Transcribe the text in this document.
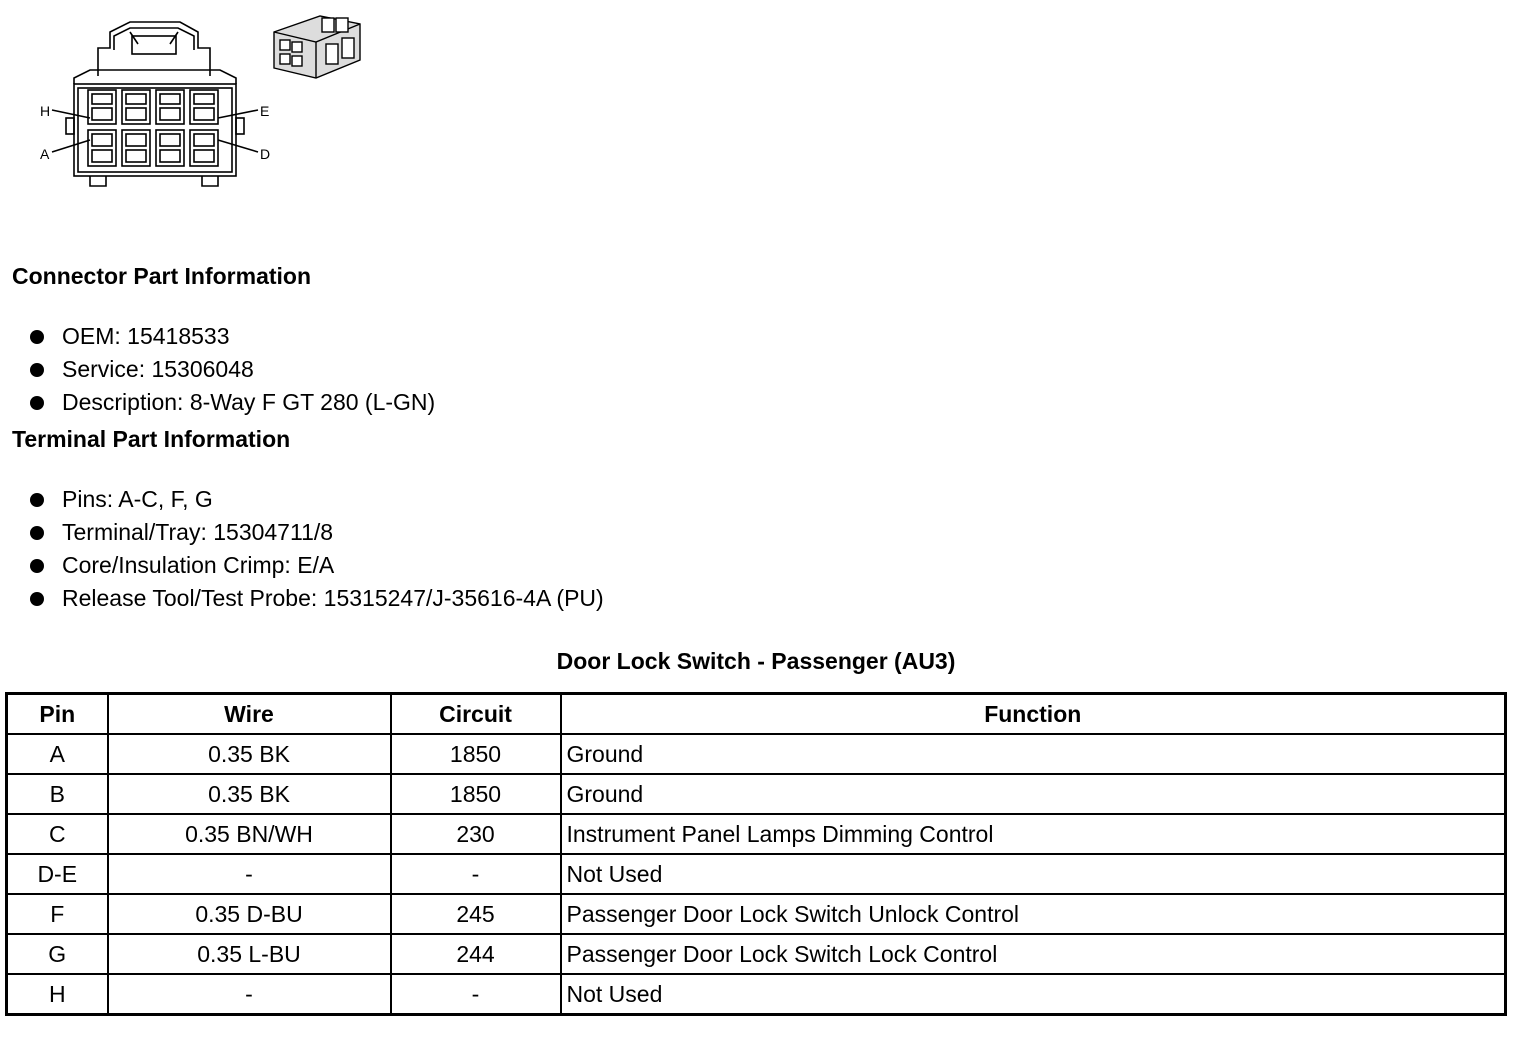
H	E
A	D
Connector Part Information
OEM: 15418533
Service: 15306048
Description: 8-Way F GT 280 (L-GN)
Terminal Part Information
Pins: A-C, F, G
Terminal/Tray: 15304711/8
Core/Insulation Crimp: E/A
Release Tool/Test Probe: 15315247/J-35616-4A (PU)
Door Lock Switch - Passenger (AU3)
Pin	Wire	Circuit	Function
A	0.35 BK	1850	Ground
B	0.35 BK	1850	Ground
C	0.35 BN/WH	230	Instrument Panel Lamps Dimming Control
D-E	-	-	Not Used
F	0.35 D-BU	245	Passenger Door Lock Switch Unlock Control
G	0.35 L-BU	244	Passenger Door Lock Switch Lock Control
H	-	-	Not Used
